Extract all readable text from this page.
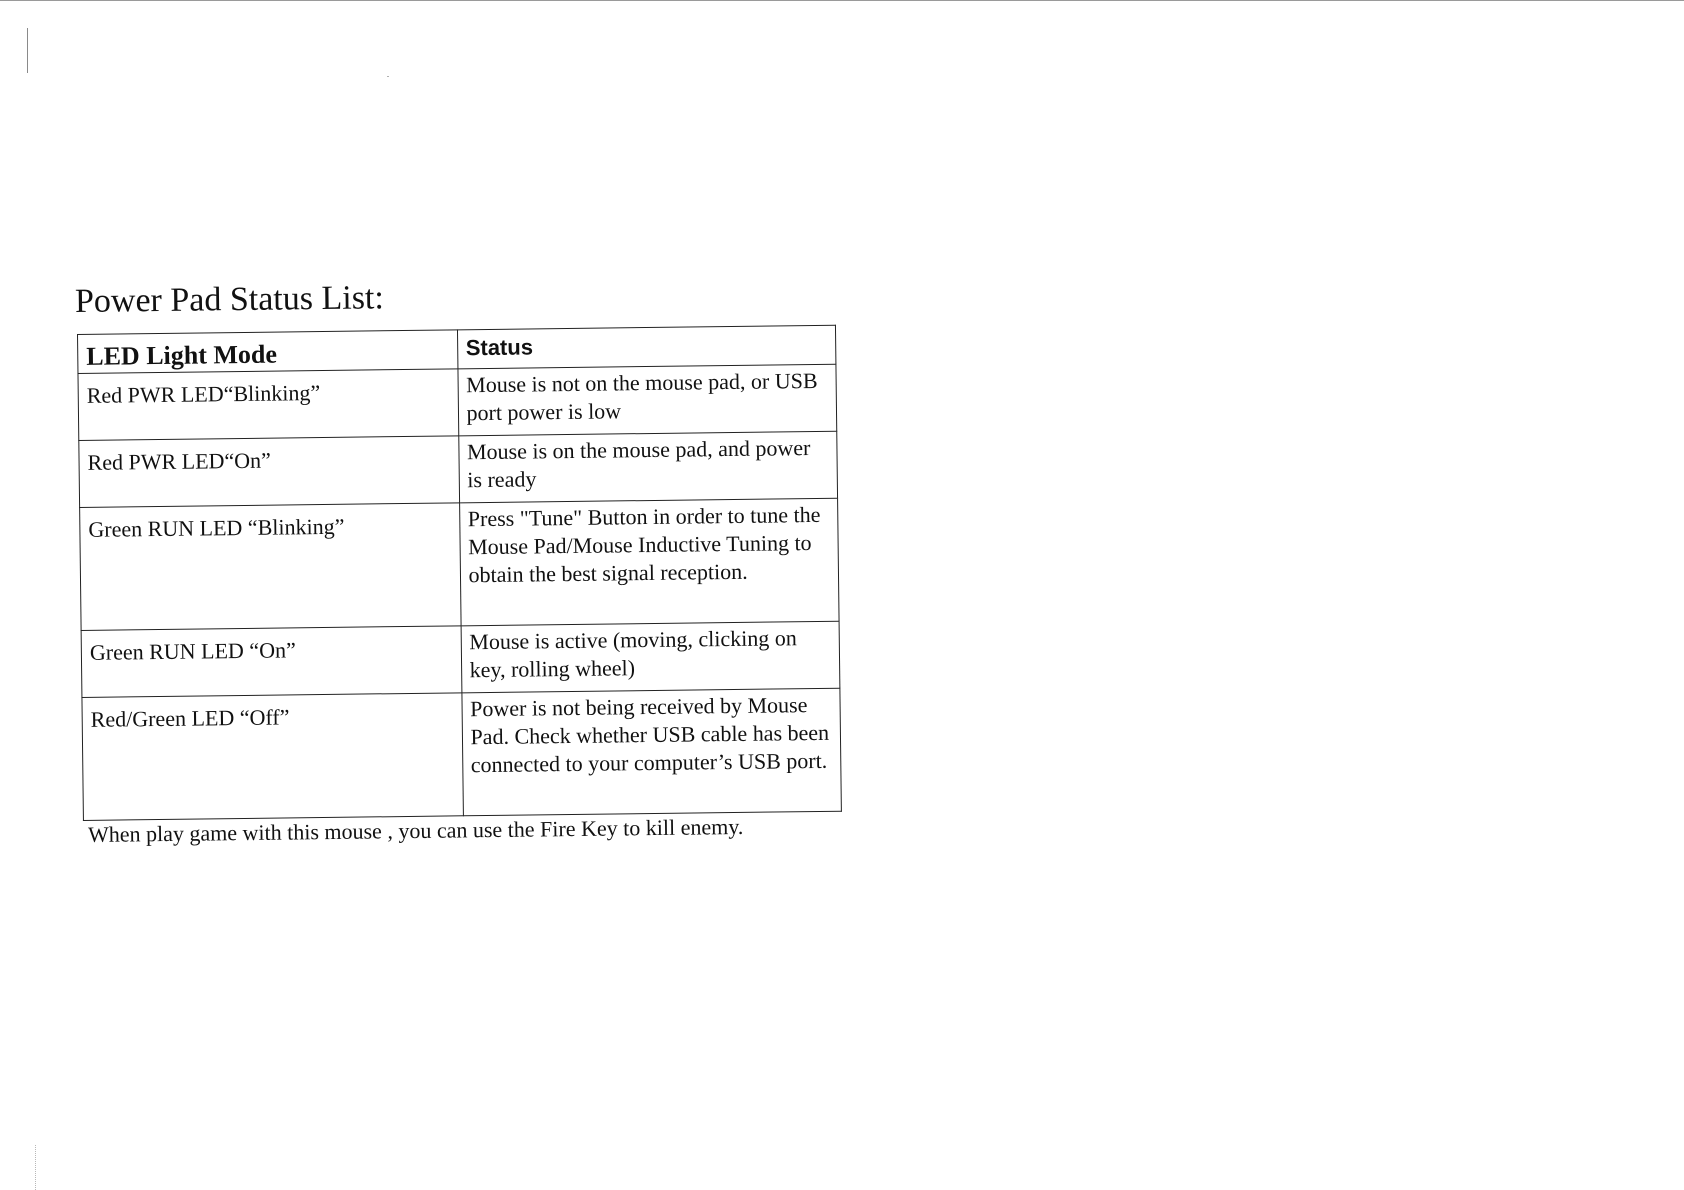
Power Pad Status List:
LED Light Mode	Status
Red PWR LED“Blinking”	Mouse is not on the mouse pad, or USB port power is low
Red PWR LED“On”	Mouse is on the mouse pad, and power is ready
Green RUN LED “Blinking”	Press "Tune" Button in order to tune the Mouse Pad/Mouse Inductive Tuning to obtain the best signal reception.
Green RUN LED “On”	Mouse is active (moving, clicking on key, rolling wheel)
Red/Green LED “Off”	Power is not being received by Mouse Pad. Check whether USB cable has been connected to your computer’s USB port.

When play game with this mouse , you can use the Fire Key to kill enemy.
